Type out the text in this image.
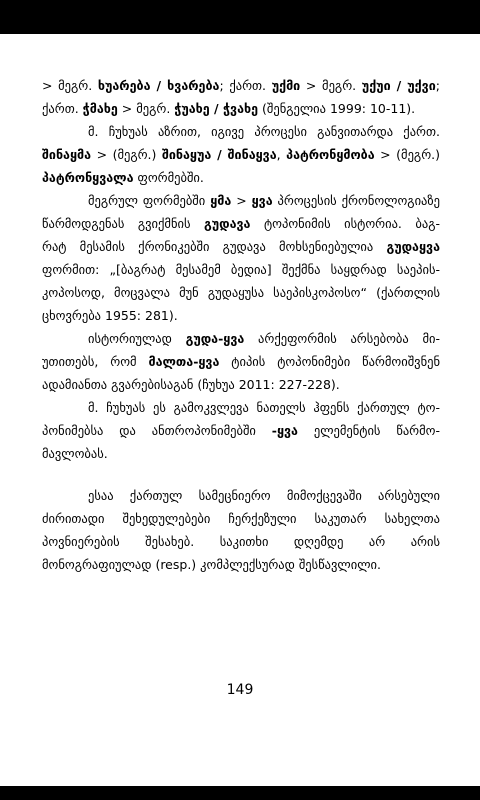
> მეგრ. ხუარება / ხვარება; ქართ. უქმი > მეგრ. უქუი / უქვი;
ქართ. ჭმახე > მეგრ. ჭუახე / ჭვახე (შენგელია 1999: 10-11).
მ. ჩუხუას აზრით, იგივე პროცესი განვითარდა ქართ.
შინაყმა > (მეგრ.) შინაყუა / შინაყვა, პატრონყმობა > (მეგრ.)
პატრონყვალა ფორმებში.
მეგრულ ფორმებში ყმა > ყვა პროცესის ქრონოლოგიაზე
წარმოდგენას გვიქმნის გუდავა ტოპონიმის ისტორია. ბაგ-
რატ მესამის ქრონიკებში გუდავა მოხსენიებულია გუდაყვა
ფორმით: „[ბაგრატ მესამემ ბედია] შექმნა საყდრად საეპის-
კოპოსოდ, მოცვალა მუნ გუდაყუსა საეპისკოპოსო“ (ქართლის
ცხოვრება 1955: 281).
ისტორიულად გუდა-ყვა არქეფორმის არსებობა მი-
უთითებს, რომ მალთა-ყვა ტიპის ტოპონიმები წარმოიშვნენ
ადამიანთა გვარებისაგან (ჩუხუა 2011: 227-228).
მ. ჩუხუას ეს გამოკვლევა ნათელს ჰფენს ქართულ ტო-
პონიმებსა და ანთროპონიმებში -ყვა ელემენტის წარმო-
მავლობას.
ესაა ქართულ სამეცნიერო მიმოქცევაში არსებული
ძირითადი შეხედულებები ჩერქეზული საკუთარ სახელთა
პოვნიერების შესახებ. საკითხი დღემდე არ არის
მონოგრაფიულად (resp.) კომპლექსურად შესწავლილი.
149
